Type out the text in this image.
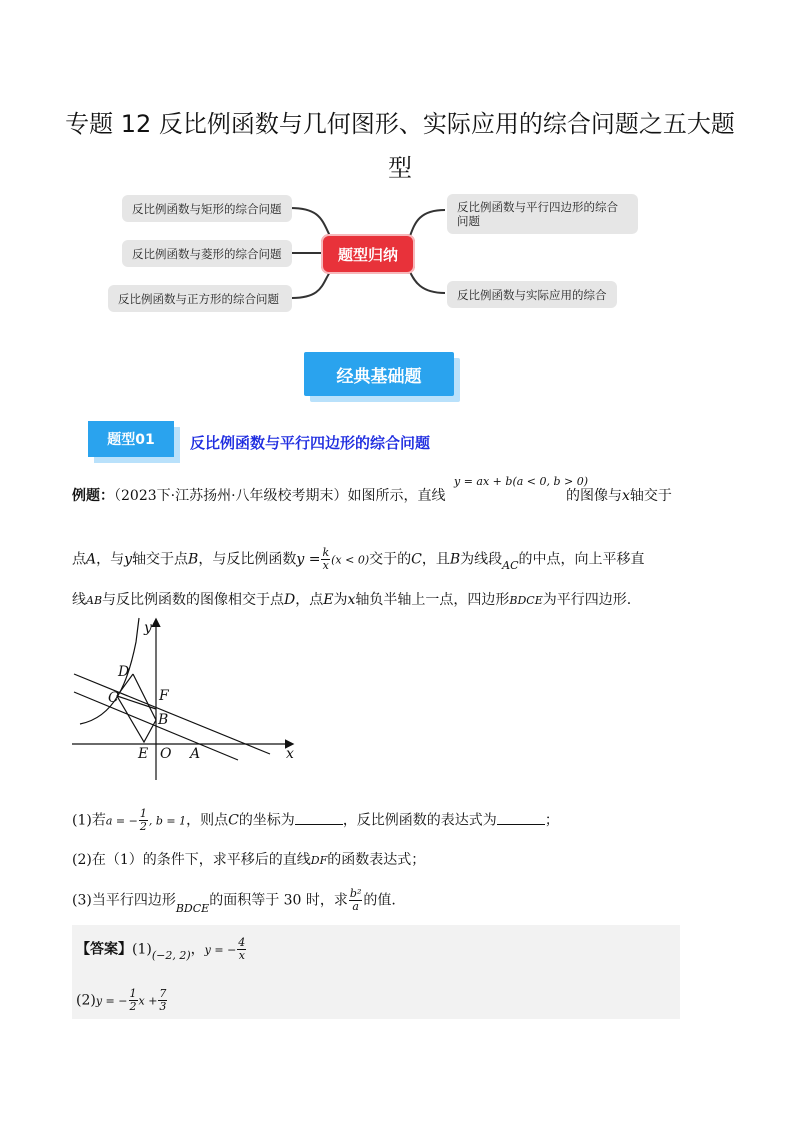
专题 12 反比例函数与几何图形、实际应用的综合问题之五大题
型
反比例函数与矩形的综合问题
反比例函数与菱形的综合问题
反比例函数与正方形的综合问题
题型归纳
反比例函数与平行四边形的综合问题
反比例函数与实际应用的综合
经典基础题
题型01	反比例函数与平行四边形的综合问题
例题：（2023下·江苏扬州·八年级校考期末）如图所示，直线
y = ax + b(a < 0, b > 0)
的图像与x轴交于
点A，与y轴交于点B，与反比例函数$y = \frac{k}{x} (x < 0)$交于的C，且B为线段$_{AC}$的中点，向上平移直
线AB与反比例函数的图像相交于点D，点E为x轴负半轴上一点，四边形BDCE为平行四边形.
y
x
D
C	F
B
E O A
(1)若a = − $\frac{1}{2}$ , b = 1，则点C的坐标为	，反比例函数的表达式为	；
(2)在（1）的条件下，求平移后的直线DF的函数表达式；
(3)当平行四边形$_{BDCE}$的面积等于 30 时，求 $\frac{\text{b²}}{a}$ 的值.
【答案】$(1)_{(-2, 2)}$，y = − $\frac{4}{x}$
(2)y = − $\frac{1}{2}$ $x + \frac{7}{3}$
